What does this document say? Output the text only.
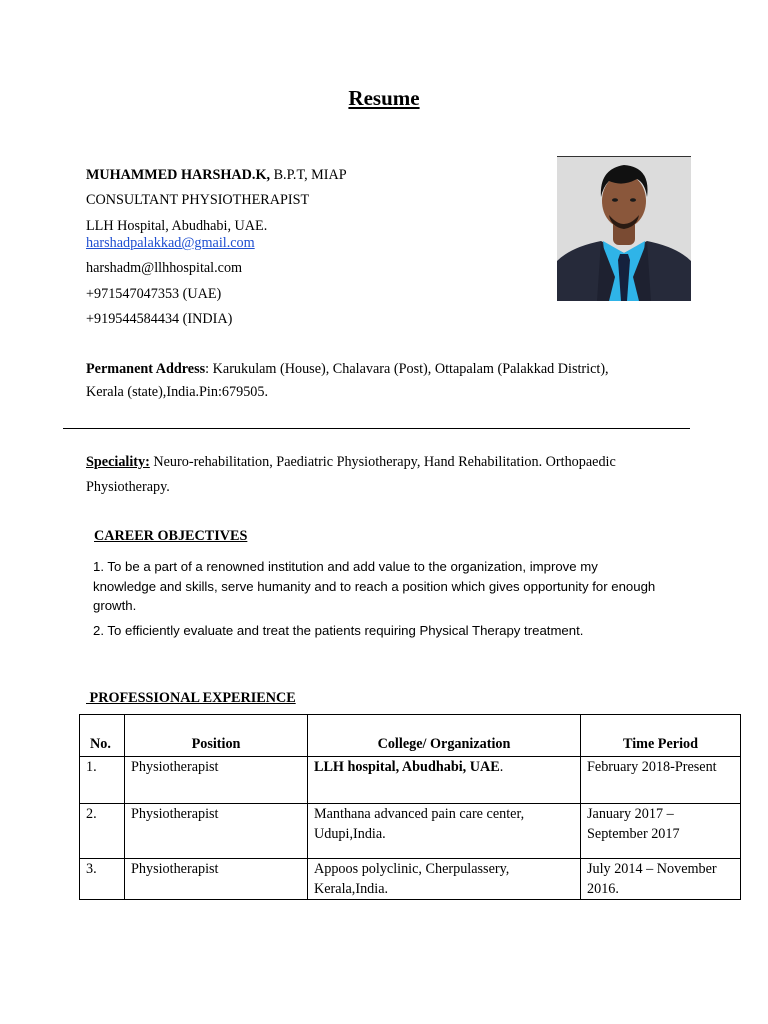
Resume
MUHAMMED HARSHAD.K, B.P.T, MIAP
CONSULTANT PHYSIOTHERAPIST
LLH Hospital, Abudhabi, UAE.
harshadpalakkad@gmail.com
harshadm@llhhospital.com
+971547047353 (UAE)
+919544584434 (INDIA)
Permanent Address: Karukulam (House), Chalavara (Post), Ottapalam (Palakkad District),
Kerala (state),India.Pin:679505.
Speciality: Neuro-rehabilitation, Paediatric Physiotherapy, Hand Rehabilitation. Orthopaedic
Physiotherapy.
CAREER OBJECTIVES
1. To be a part of a renowned institution and add value to the organization, improve my knowledge and skills, serve humanity and to reach a position which gives opportunity for enough growth.
2. To efficiently evaluate and treat the patients requiring Physical Therapy treatment.
PROFESSIONAL EXPERIENCE
No.	Position	College/ Organization	Time Period
1.	Physiotherapist	LLH hospital, Abudhabi, UAE.	February 2018-Present
2.	Physiotherapist	Manthana advanced pain care center, Udupi,India.	January 2017 – September 2017
3.	Physiotherapist	Appoos polyclinic, Cherpulassery, Kerala,India.	July 2014 – November 2016.
